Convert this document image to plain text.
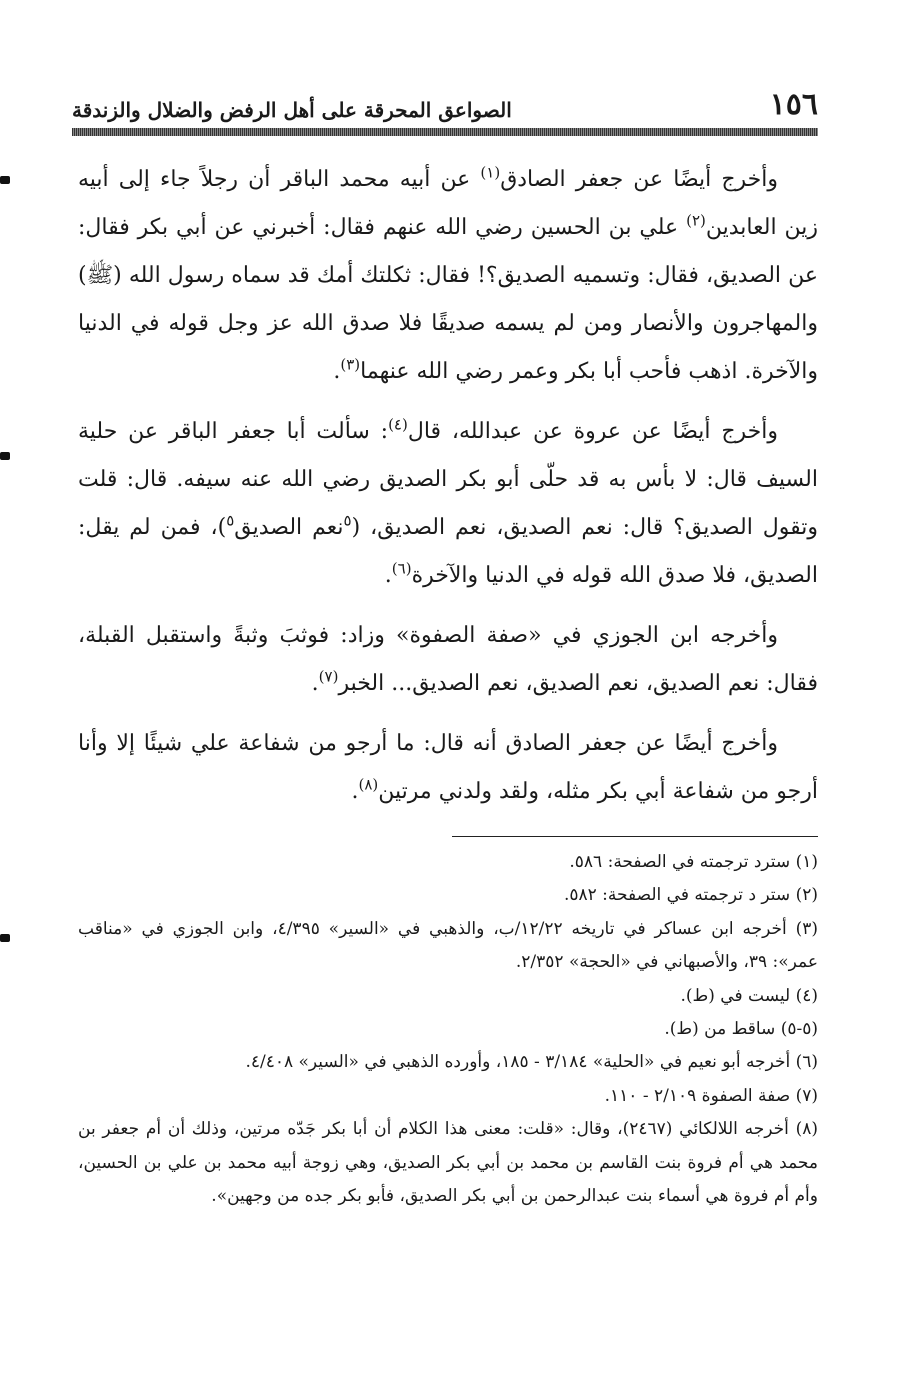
١٥٦
الصواعق المحرقة على أهل الرفض والضلال والزندقة

وأخرج أيضًا عن جعفر الصادق$^{(١)}$ عن أبيه محمد الباقر أن رجلاً جاء إلى أبيه زين العابدين$^{(٢)}$ علي بن الحسين رضي الله عنهم فقال: أخبرني عن أبي بكر فقال: عن الصديق، فقال: وتسميه الصديق؟! فقال: ثكلتك أمك قد سماه رسول الله (ﷺ) والمهاجرون والأنصار ومن لم يسمه صديقًا فلا صدق الله عز وجل قوله في الدنيا والآخرة. اذهب فأحب أبا بكر وعمر رضي الله عنهما$^{(٣)}$.

وأخرج أيضًا عن عروة عن عبدالله، قال$^{(٤)}$: سألت أبا جعفر الباقر عن حلية السيف قال: لا بأس به قد حلّى أبو بكر الصديق رضي الله عنه سيفه. قال: قلت وتقول الصديق؟ قال: نعم الصديق، نعم الصديق، ($^٥$نعم الصديق$^٥$)، فمن لم يقل: الصديق، فلا صدق الله قوله في الدنيا والآخرة$^{(٦)}$.

وأخرجه ابن الجوزي في «صفة الصفوة» وزاد: فوثبَ وثبةً واستقبل القبلة، فقال: نعم الصديق، نعم الصديق، نعم الصديق... الخبر$^{(٧)}$.

وأخرج أيضًا عن جعفر الصادق أنه قال: ما أرجو من شفاعة علي شيئًا إلا وأنا أرجو من شفاعة أبي بكر مثله، ولقد ولدني مرتين$^{(٨)}$.

(١) سترد ترجمته في الصفحة: ٥٨٦.

(٢) ستر د ترجمته في الصفحة: ٥٨٢.

(٣) أخرجه ابن عساكر في تاريخه ١٢/٢٢/ب، والذهبي في «السير» ٤/٣٩٥، وابن الجوزي في «مناقب عمر»: ٣٩، والأصبهاني في «الحجة» ٢/٣٥٢.

(٤) ليست في (ط).

(٥-٥) ساقط من (ط).

(٦) أخرجه أبو نعيم في «الحلية» ٣/١٨٤ - ١٨٥، وأورده الذهبي في «السير» ٤/٤٠٨.

(٧) صفة الصفوة ٢/١٠٩ - ١١٠.

(٨) أخرجه اللالكائي (٢٤٦٧)، وقال: «قلت: معنى هذا الكلام أن أبا بكر جَدّه مرتين، وذلك أن أم جعفر بن محمد هي أم فروة بنت القاسم بن محمد بن أبي بكر الصديق، وهي زوجة أبيه محمد بن علي بن الحسين، وأم أم فروة هي أسماء بنت عبدالرحمن بن أبي بكر الصديق، فأبو بكر جده من وجهين».
